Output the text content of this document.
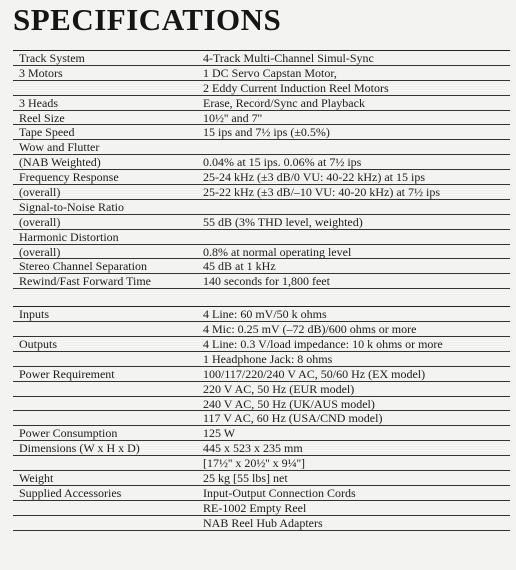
SPECIFICATIONS
Track System	4-Track Multi-Channel Simul-Sync
3 Motors	1 DC Servo Capstan Motor,
2 Eddy Current Induction Reel Motors
3 Heads	Erase, Record/Sync and Playback
Reel Size	10½'' and 7''
Tape Speed	15 ips and 7½ ips (±0.5%)
Wow and Flutter
(NAB Weighted)	0.04% at 15 ips. 0.06% at 7½ ips
Frequency Response	25-24 kHz (±3 dB/0 VU: 40-22 kHz) at 15 ips
(overall)	25-22 kHz (±3 dB/–10 VU: 40-20 kHz) at 7½ ips
Signal-to-Noise Ratio
(overall)	55 dB (3% THD level, weighted)
Harmonic Distortion
(overall)	0.8% at normal operating level
Stereo Channel Separation	45 dB at 1 kHz
Rewind/Fast Forward Time	140 seconds for 1,800 feet
Inputs	4 Line: 60 mV/50 k ohms
4 Mic: 0.25 mV (–72 dB)/600 ohms or more
Outputs	4 Line: 0.3 V/load impedance: 10 k ohms or more
1 Headphone Jack: 8 ohms
Power Requirement	100/117/220/240 V AC, 50/60 Hz (EX model)
220 V AC, 50 Hz (EUR model)
240 V AC, 50 Hz (UK/AUS model)
117 V AC, 60 Hz (USA/CND model)
Power Consumption	125 W
Dimensions (W x H x D)	445 x 523 x 235 mm
[17½'' x 20½'' x 9¼'']
Weight	25 kg [55 lbs] net
Supplied Accessories	Input-Output Connection Cords
RE-1002 Empty Reel
NAB Reel Hub Adapters
